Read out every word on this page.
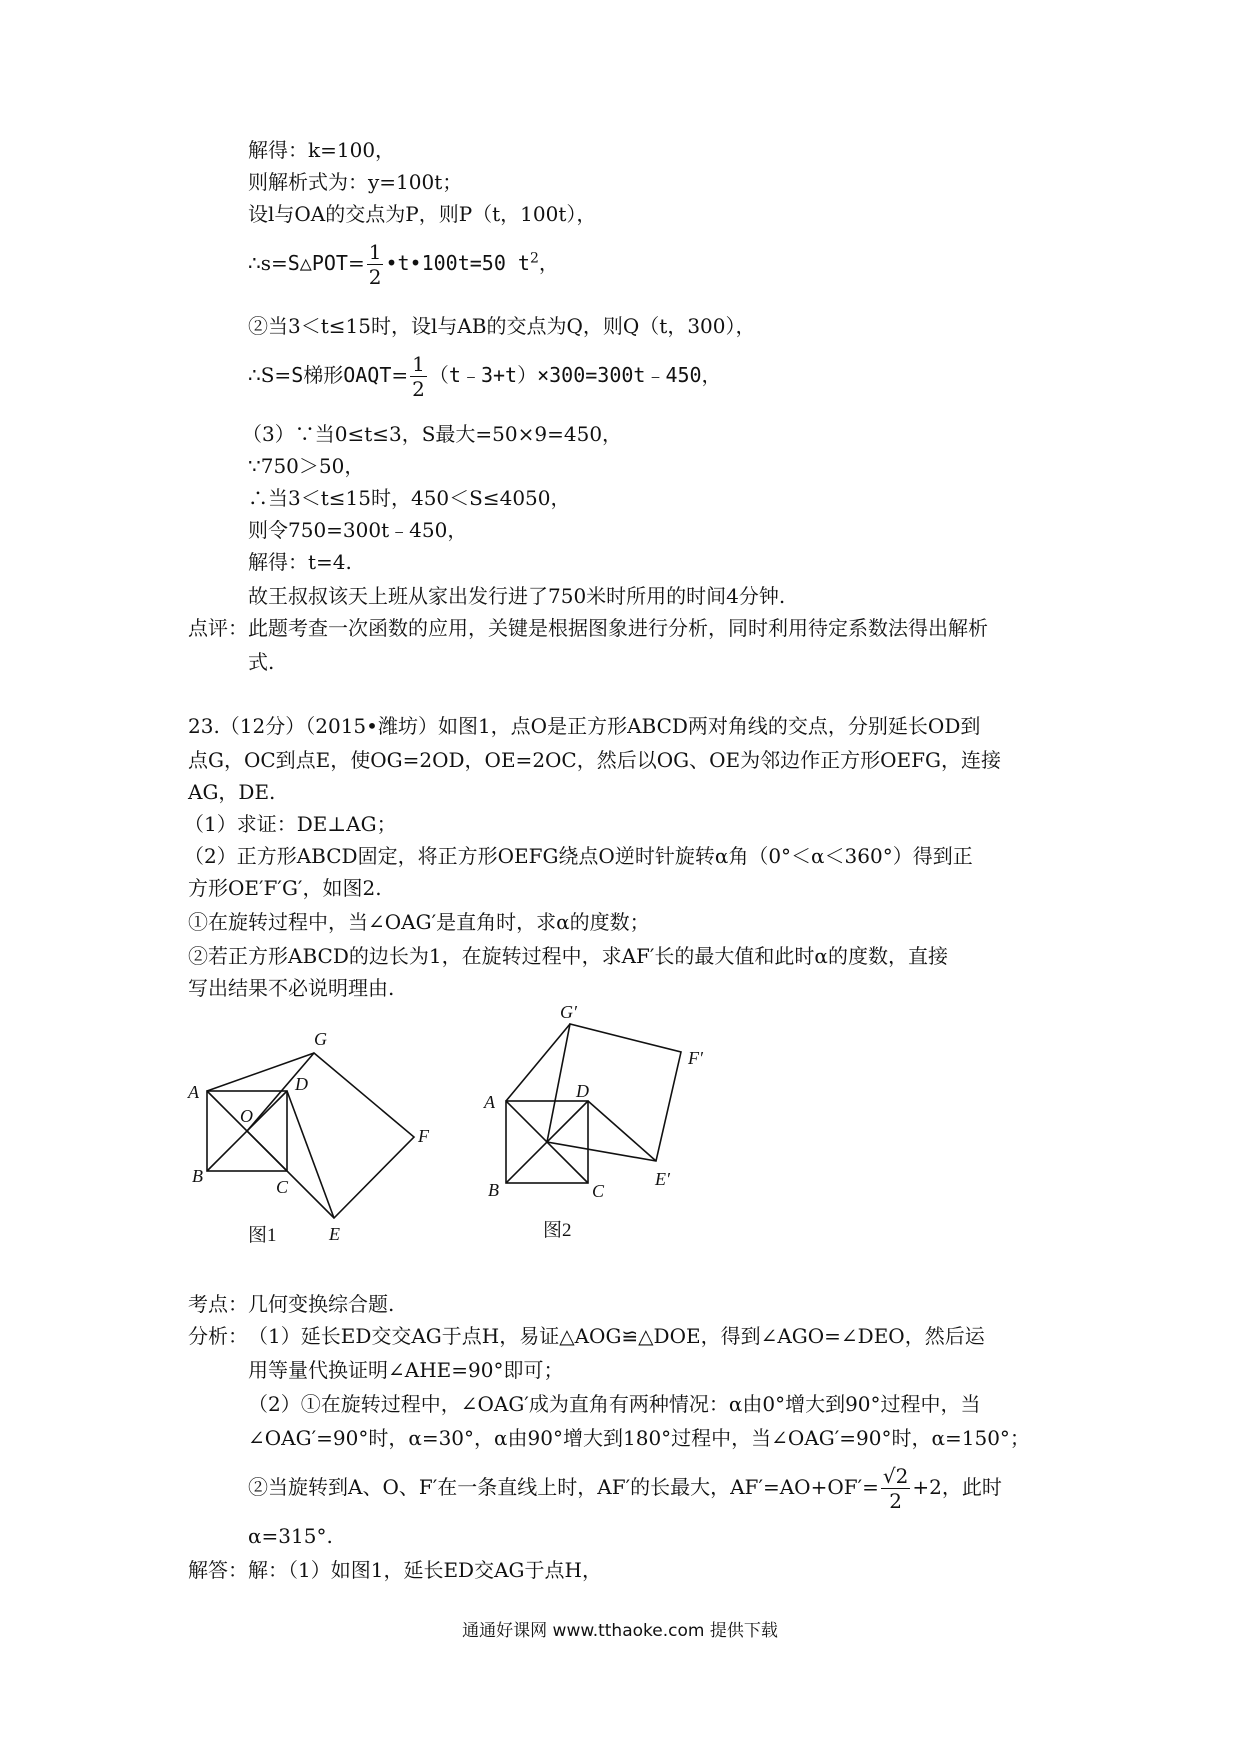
解得：k=100，
则解析式为：y=100t；
设l与OA的交点为P，则P（t，100t），
∴s=S△POT= $\frac{1}{2}$ •t•100t=50 $t^2$，
②当3＜t≤15时，设l与AB的交点为Q，则Q（t，300），
∴S=S梯形OAQT= $\frac{1}{2}$ （t﹣3+t）×300=300t﹣450，
（3）∵当0≤t≤3，S最大=50×9=450，
∵750＞50，
∴当3＜t≤15时，450＜S≤4050，
则令750=300t﹣450，
解得：t=4.
故王叔叔该天上班从家出发行进了750米时所用的时间4分钟.
点评： 此题考查一次函数的应用，关键是根据图象进行分析，同时利用待定系数法得出解析
式.
23.（12分）（2015•潍坊）如图1，点O是正方形ABCD两对角线的交点，分别延长OD到
点G，OC到点E，使OG=2OD，OE=2OC，然后以OG、OE为邻边作正方形OEFG，连接
AG，DE.
（1）求证：DE⊥AG；
（2）正方形ABCD固定，将正方形OEFG绕点O逆时针旋转α角（0°＜α＜360°）得到正
方形OE′F′G′，如图2.
①在旋转过程中，当∠OAG′是直角时，求α的度数；
②若正方形ABCD的边长为1，在旋转过程中，求AF′长的最大值和此时α的度数，直接
写出结果不必说明理由.
A
B
C
D
O
G
F
E
图1
A
B	C
D
G′
F′
E′
图2
考点：几何变换综合题.
分析： （1）延长ED交交AG于点H，易证△AOG≌△DOE，得到∠AGO=∠DEO，然后运
用等量代换证明∠AHE=90°即可；
（2）①在旋转过程中，∠OAG′成为直角有两种情况：α由0°增大到90°过程中，当
∠OAG′=90°时，α=30°，α由90°增大到180°过程中，当∠OAG′=90°时，α=150°；
②当旋转到A、O、F′在一条直线上时，AF′的长最大，$AF'=AO+OF'= \frac{√2}{2} +2$，此时
α=315°.
解答： 解：（1）如图1，延长ED交AG于点H，
通通好课网 www.tthaoke.com 提供下载
